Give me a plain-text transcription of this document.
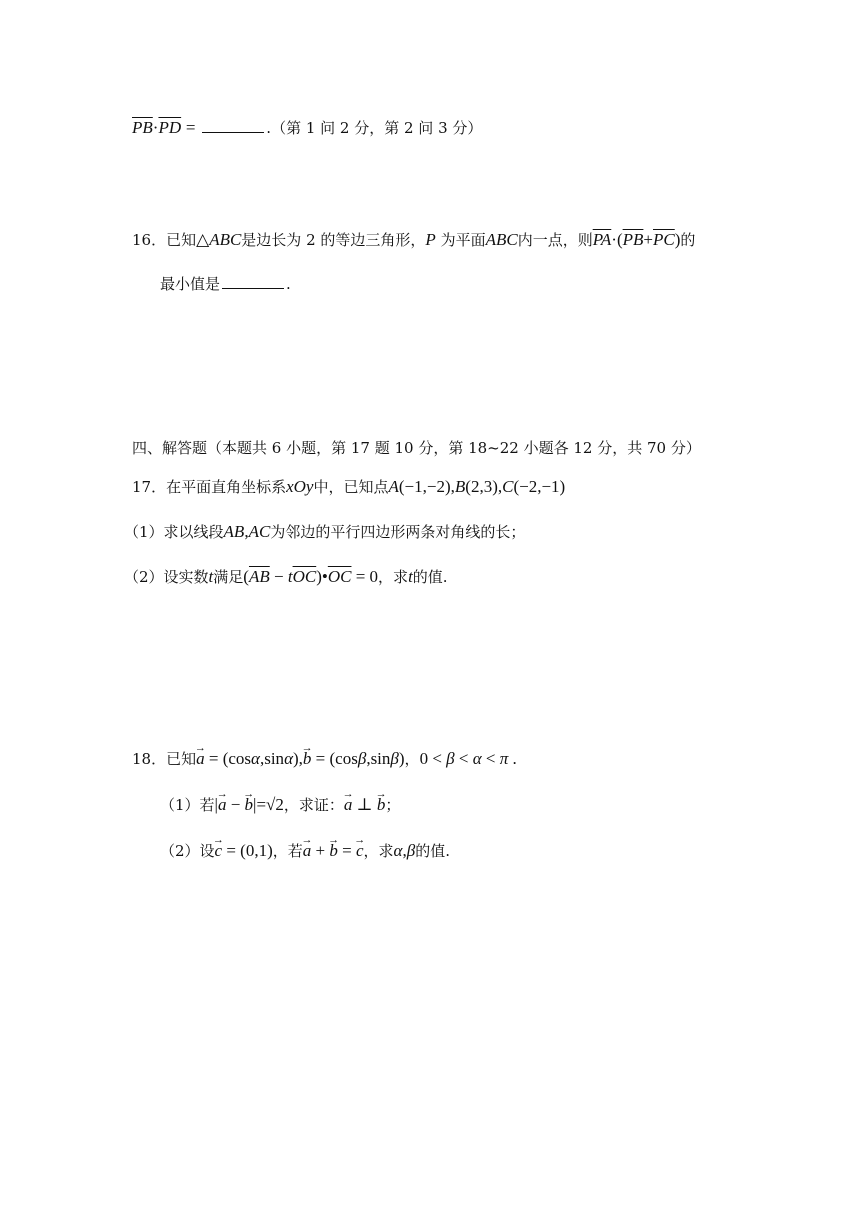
$\overline{PB}\cdot\overline{PD}$ =	.（第 1 问 2 分，第 2 问 3 分）
16．已知△ABC是边长为 2 的等边三角形，P 为平面ABC内一点，则$\overline{PA}\cdot(\overline{PB}+\overline{PC})$的
最小值是	.
四、解答题（本题共 6 小题，第 17 题 10 分，第 18~22 小题各 12 分，共 70 分）
17．在平面直角坐标系xOy中，已知点A(−1,−2),B(2,3),C(−2,−1)
（1）求以线段AB,AC为邻边的平行四边形两条对角线的长；
（2）设实数t满足($\overline{AB}$ − $t\overline{OC})•\overline{OC} = 0$，求t的值.
18．已知→ a = (cosα,sinα),→ b = (cosβ,sinβ)，0 < β < α < π .
（1）若|→ a − → b|=√2，求证：→ a ⊥ → b；
（2）设→ c = (0,1)，若→ a + → b = → c，求α,β的值.
